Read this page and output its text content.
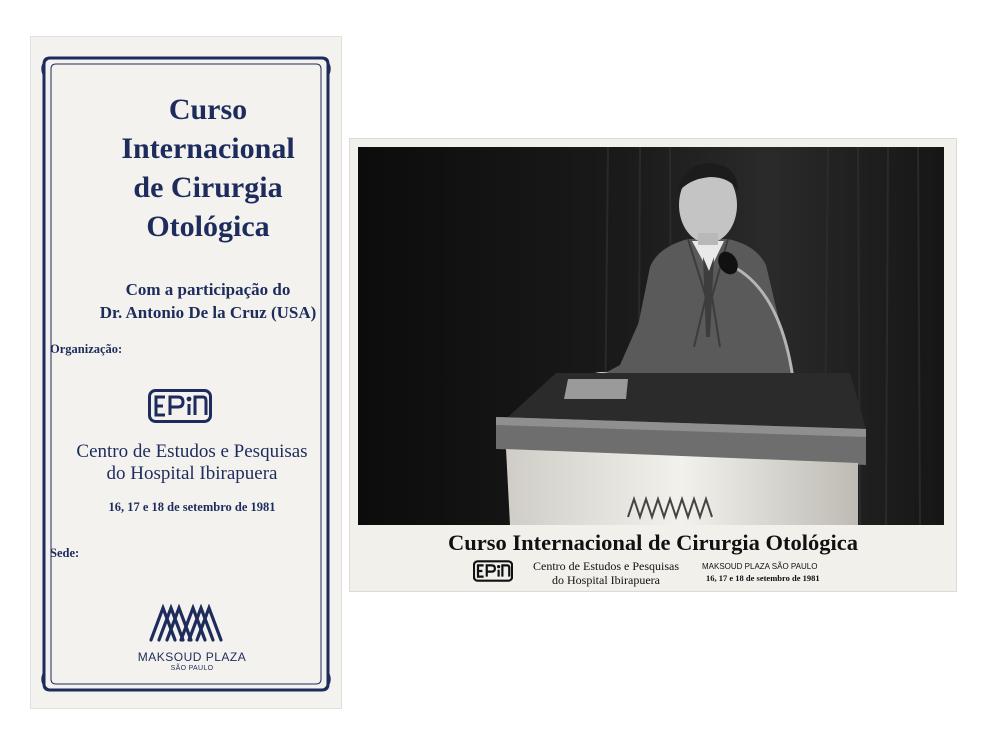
Curso
Internacional
de Cirurgia
Otológica
Com a participação do
Dr. Antonio De la Cruz (USA)
Organização:
Centro de Estudos e Pesquisas
do Hospital Ibirapuera
16, 17 e 18 de setembro de 1981
Sede:
MAKSOUD PLAZA
SÃO PAULO
Curso Internacional de Cirurgia Otológica
Centro de Estudos e Pesquisas
do Hospital Ibirapuera
MAKSOUD PLAZA SÃO PAULO
16, 17 e 18 de setembro de 1981
